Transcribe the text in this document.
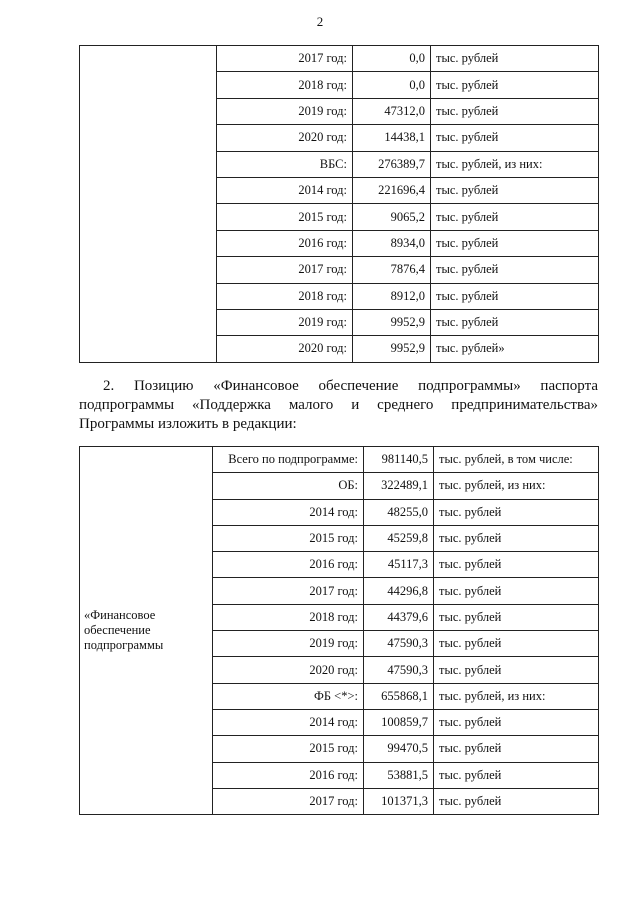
2
	2017 год:	0,0	тыс. рублей
	2018 год:	0,0	тыс. рублей
	2019 год:	47312,0	тыс. рублей
	2020 год:	14438,1	тыс. рублей
	ВБС:	276389,7	тыс. рублей, из них:
	2014 год:	221696,4	тыс. рублей
	2015 год:	9065,2	тыс. рублей
	2016 год:	8934,0	тыс. рублей
	2017 год:	7876,4	тыс. рублей
	2018 год:	8912,0	тыс. рублей
	2019 год:	9952,9	тыс. рублей
	2020 год:	9952,9	тыс. рублей»
2. Позицию «Финансовое обеспечение подпрограммы» паспорта
подпрограммы «Поддержка малого и среднего предпринимательства»
Программы изложить в редакции:
«Финансовое обеспечение подпрограммы	Всего по подпрограмме:	981140,5	тыс. рублей, в том числе:
	ОБ:	322489,1	тыс. рублей, из них:
	2014 год:	48255,0	тыс. рублей
	2015 год:	45259,8	тыс. рублей
	2016 год:	45117,3	тыс. рублей
	2017 год:	44296,8	тыс. рублей
	2018 год:	44379,6	тыс. рублей
	2019 год:	47590,3	тыс. рублей
	2020 год:	47590,3	тыс. рублей
	ФБ <*>:	655868,1	тыс. рублей, из них:
	2014 год:	100859,7	тыс. рублей
	2015 год:	99470,5	тыс. рублей
	2016 год:	53881,5	тыс. рублей
	2017 год:	101371,3	тыс. рублей
